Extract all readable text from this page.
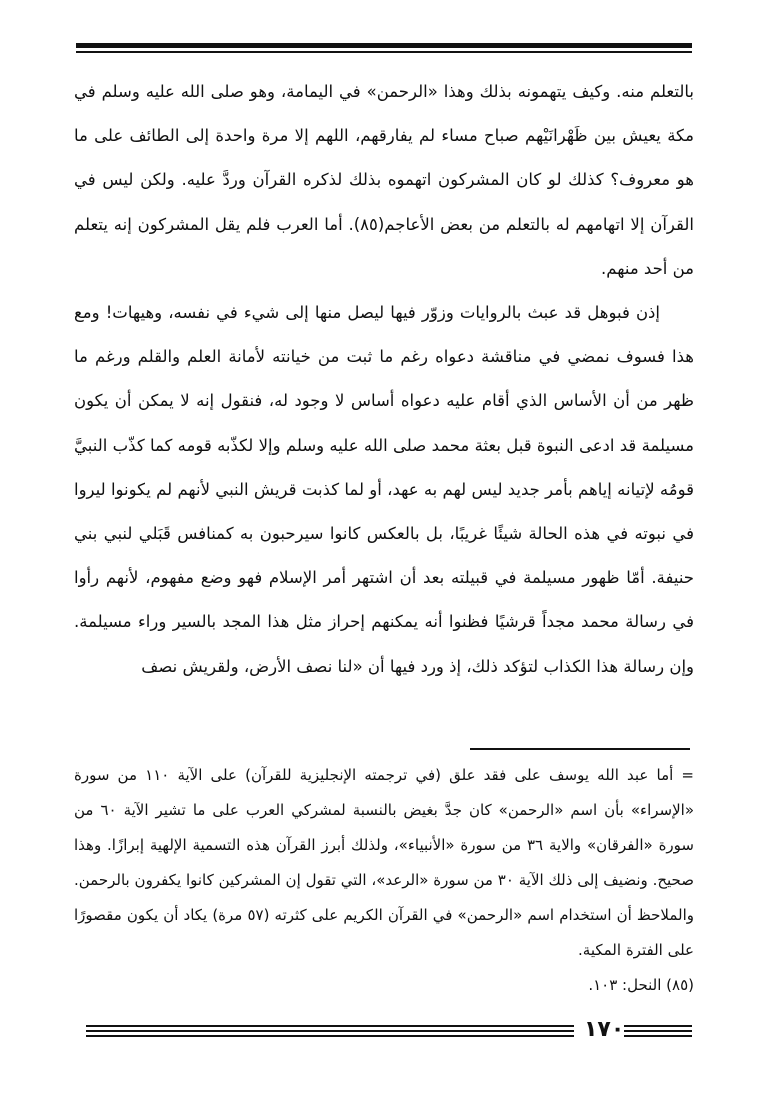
بالتعلم منه. وكيف يتهمونه بذلك وهذا «الرحمن» في اليمامة، وهو صلى الله عليه وسلم في مكة يعيش بين ظَهْرانَيْهم صباح مساء لم يفارقهم، اللهم إلا مرة واحدة إلى الطائف على ما هو معروف؟ كذلك لو كان المشركون اتهموه بذلك لذكره القرآن وردَّ عليه. ولكن ليس في القرآن إلا اتهامهم له بالتعلم من بعض الأعاجم(٨٥). أما العرب فلم يقل المشركون إنه يتعلم من أحد منهم.

إذن فبوهل قد عبث بالروايات وزوّر فيها ليصل منها إلى شيء في نفسه، وهيهات! ومع هذا فسوف نمضي في مناقشة دعواه رغم ما ثبت من خيانته لأمانة العلم والقلم ورغم ما ظهر من أن الأساس الذي أقام عليه دعواه أساس لا وجود له، فنقول إنه لا يمكن أن يكون مسيلمة قد ادعى النبوة قبل بعثة محمد صلى الله عليه وسلم وإلا لكذّبه قومه كما كذّب النبيَّ قومُه لإتيانه إياهم بأمر جديد ليس لهم به عهد، أو لما كذبت قريش النبي لأنهم لم يكونوا ليروا في نبوته في هذه الحالة شيئًا غريبًا، بل بالعكس كانوا سيرحبون به كمنافس قَبَلي لنبي بني حنيفة. أمّا ظهور مسيلمة في قبيلته بعد أن اشتهر أمر الإسلام فهو وضع مفهوم، لأنهم رأوا في رسالة محمد مجداً قرشيًا فظنوا أنه يمكنهم إحراز مثل هذا المجد بالسير وراء مسيلمة. وإن رسالة هذا الكذاب لتؤكد ذلك، إذ ورد فيها أن «لنا نصف الأرض، ولقريش نصف

= أما عبد الله يوسف على فقد علق (في ترجمته الإنجليزية للقرآن) على الآية ١١٠ من سورة «الإسراء» بأن اسم «الرحمن» كان جدَّ بغيض بالنسبة لمشركي العرب على ما تشير الآية ٦٠ من سورة «الفرقان» والاية ٣٦ من سورة «الأنبياء»، ولذلك أبرز القرآن هذه التسمية الإلهية إبرازًا. وهذا صحيح. ونضيف إلى ذلك الآية ٣٠ من سورة «الرعد»، التي تقول إن المشركين كانوا يكفرون بالرحمن. والملاحظ أن استخدام اسم «الرحمن» في القرآن الكريم على كثرته (٥٧ مرة) يكاد أن يكون مقصورًا على الفترة المكية.

(٨٥) النحل: ١٠٣.

١٧٠
